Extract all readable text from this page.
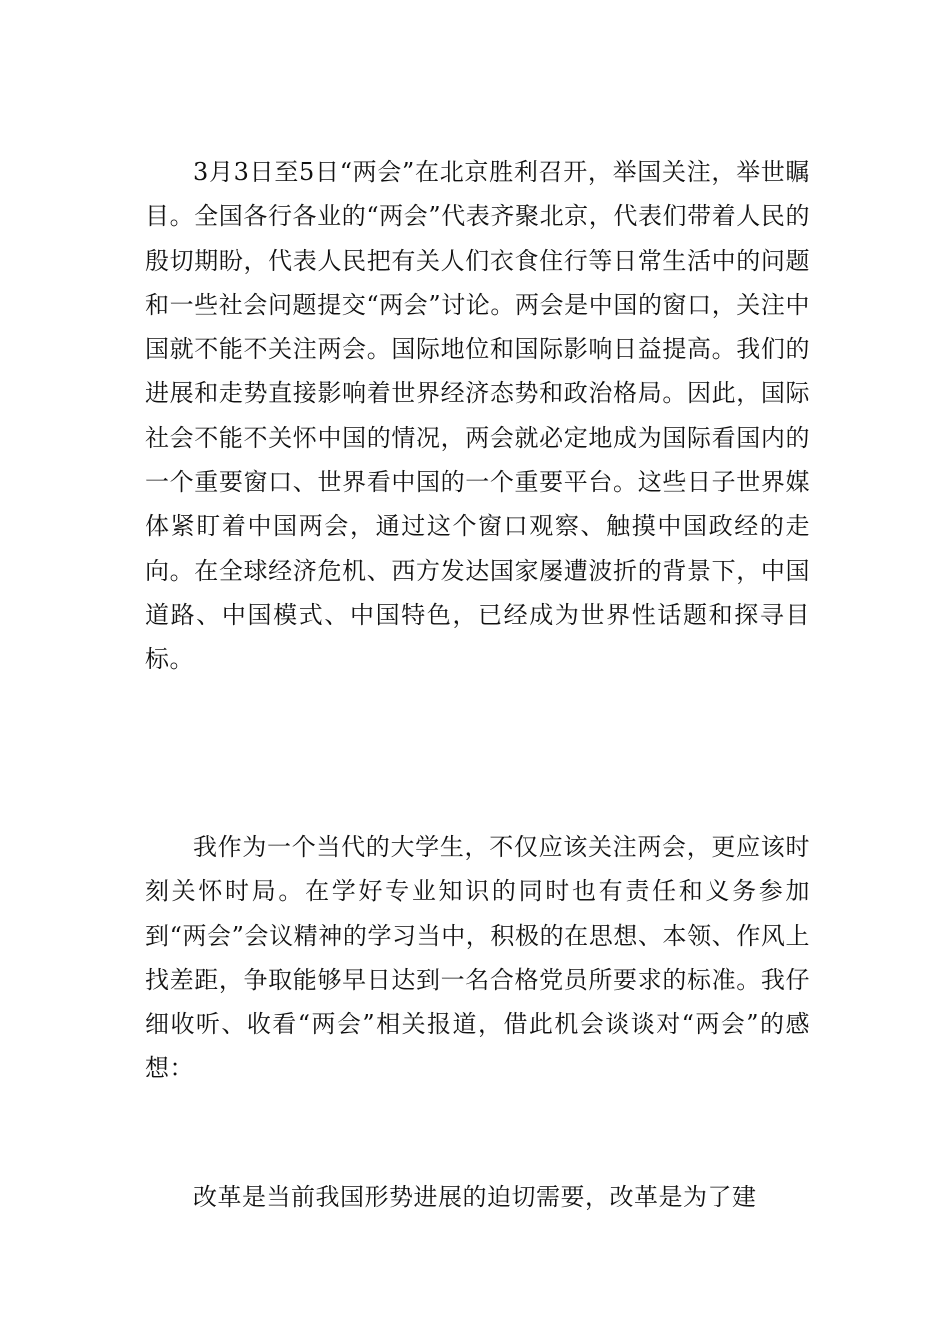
3月3日至5日“两会”在北京胜利召开，举国关注，举世瞩目。全国各行各业的“两会”代表齐聚北京，代表们带着人民的殷切期盼，代表人民把有关人们衣食住行等日常生活中的问题和一些社会问题提交“两会”讨论。两会是中国的窗口，关注中国就不能不关注两会。国际地位和国际影响日益提高。我们的进展和走势直接影响着世界经济态势和政治格局。因此，国际社会不能不关怀中国的情况，两会就必定地成为国际看国内的一个重要窗口、世界看中国的一个重要平台。这些日子世界媒体紧盯着中国两会，通过这个窗口观察、触摸中国政经的走向。在全球经济危机、西方发达国家屡遭波折的背景下，中国道路、中国模式、中国特色，已经成为世界性话题和探寻目标。

我作为一个当代的大学生，不仅应该关注两会，更应该时刻关怀时局。在学好专业知识的同时也有责任和义务参加到“两会”会议精神的学习当中，积极的在思想、本领、作风上找差距，争取能够早日达到一名合格党员所要求的标准。我仔细收听、收看“两会”相关报道，借此机会谈谈对“两会”的感想：

改革是当前我国形势进展的迫切需要，改革是为了建
